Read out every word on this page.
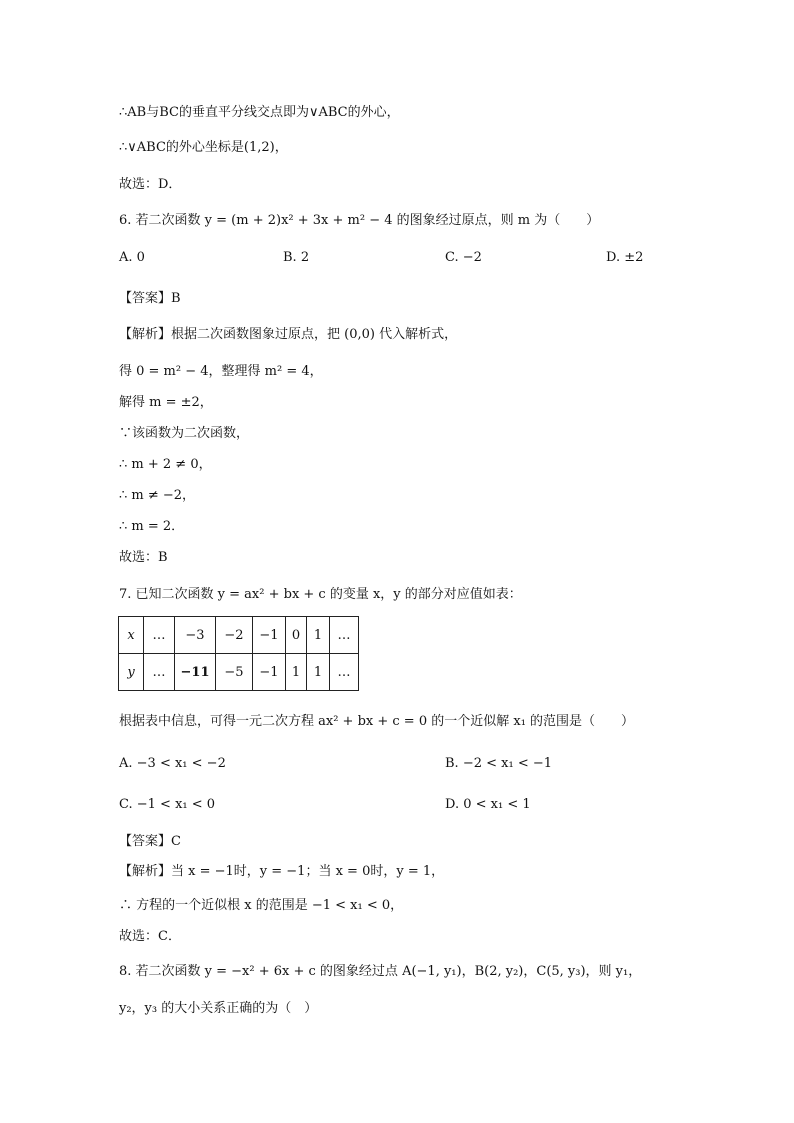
∴AB与BC的垂直平分线交点即为∨ABC的外心，
∴∨ABC的外心坐标是(1,2)，
故选：D．
6. 若二次函数 y = (m + 2)x² + 3x + m² − 4 的图象经过原点，则 m 为（　　）
A. 0	B. 2	C. −2	D. ±2
【答案】B
【解析】根据二次函数图象过原点，把 (0,0) 代入解析式，
得 0 = m² − 4，整理得 m² = 4，
解得 m = ±2，
∵该函数为二次函数，
∴ m + 2 ≠ 0，
∴ m ≠ −2，
∴ m = 2．
故选：B
7. 已知二次函数 y = ax² + bx + c 的变量 x，y 的部分对应值如表：
x	…	−3	−2	−1	0	1	…
y	…	−11	−5	−1	1	1	…
根据表中信息，可得一元二次方程 ax² + bx + c = 0 的一个近似解 x₁ 的范围是（　　）
A. −3 < x₁ < −2	B. −2 < x₁ < −1
C. −1 < x₁ < 0	D. 0 < x₁ < 1
【答案】C
【解析】当 x = −1时，y = −1；当 x = 0时，y = 1，
∴ 方程的一个近似根 x 的范围是 −1 < x₁ < 0，
故选：C．
8. 若二次函数 y = −x² + 6x + c 的图象经过点 A(−1, y₁)，B(2, y₂)，C(5, y₃)，则 y₁，
y₂，y₃ 的大小关系正确的为（　）
